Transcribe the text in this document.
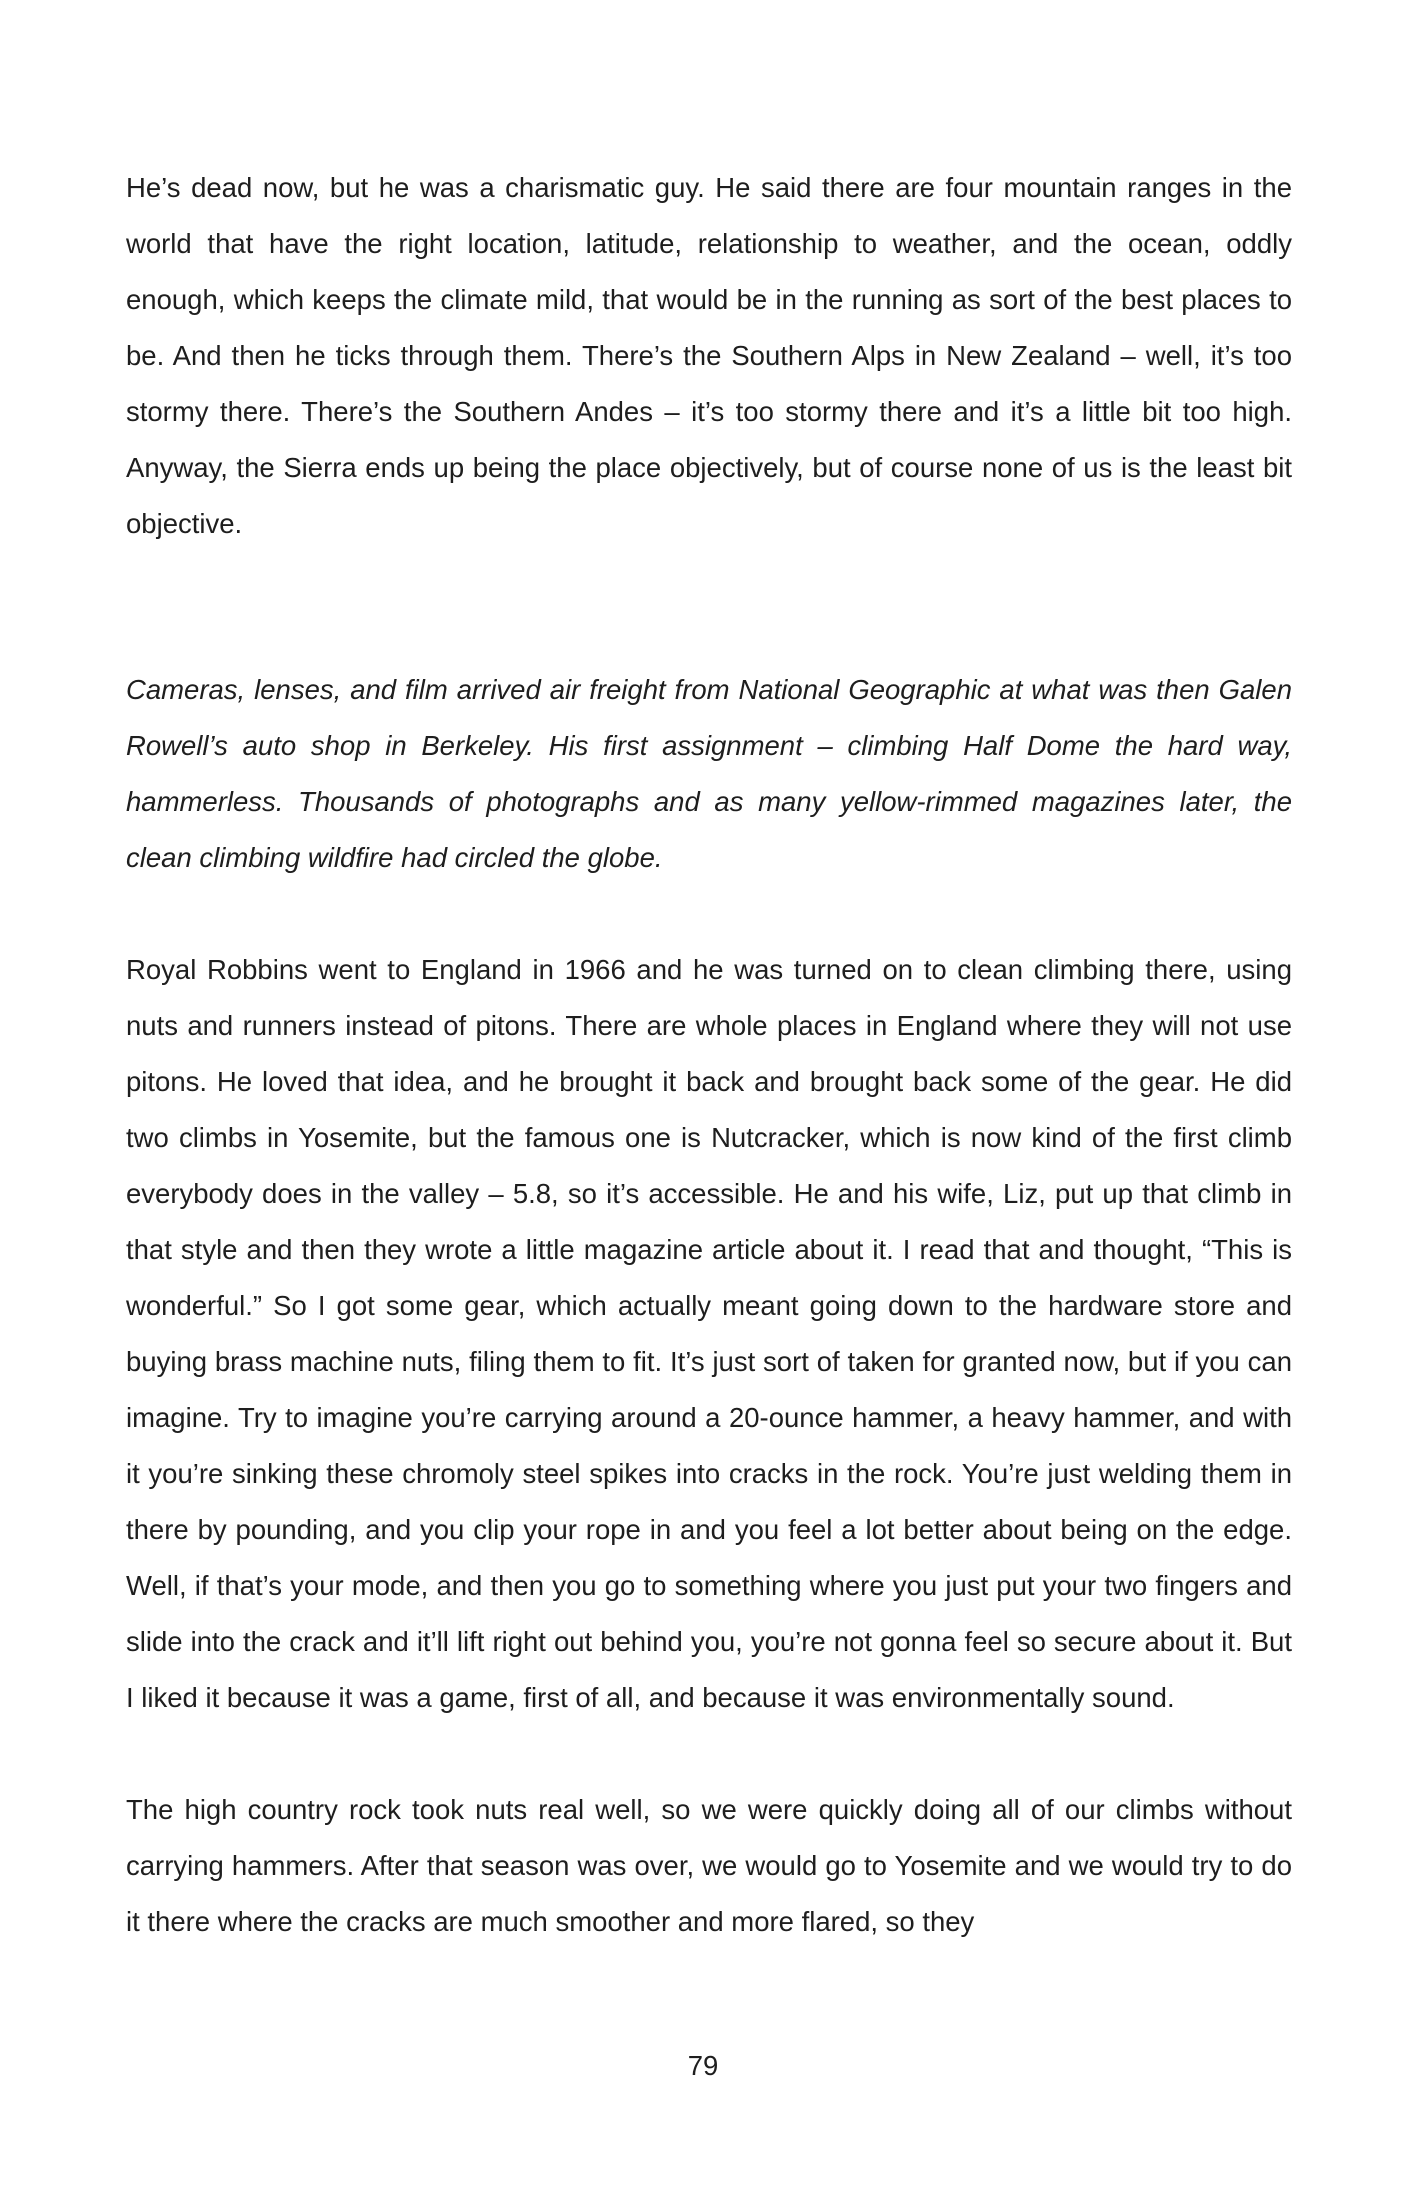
He’s dead now, but he was a charismatic guy. He said there are four mountain ranges in the world that have the right location, latitude, relationship to weather, and the ocean, oddly enough, which keeps the climate mild, that would be in the running as sort of the best places to be. And then he ticks through them. There’s the Southern Alps in New Zealand – well, it’s too stormy there. There’s the Southern Andes – it’s too stormy there and it’s a little bit too high. Anyway, the Sierra ends up being the place objectively, but of course none of us is the least bit objective.

Cameras, lenses, and film arrived air freight from National Geographic at what was then Galen Rowell’s auto shop in Berkeley. His first assignment – climbing Half Dome the hard way, hammerless. Thousands of photographs and as many yellow-rimmed magazines later, the clean climbing wildfire had circled the globe.

Royal Robbins went to England in 1966 and he was turned on to clean climbing there, using nuts and runners instead of pitons. There are whole places in England where they will not use pitons. He loved that idea, and he brought it back and brought back some of the gear. He did two climbs in Yosemite, but the famous one is Nutcracker, which is now kind of the first climb everybody does in the valley – 5.8, so it’s accessible. He and his wife, Liz, put up that climb in that style and then they wrote a little magazine article about it. I read that and thought, “This is wonderful.” So I got some gear, which actually meant going down to the hardware store and buying brass machine nuts, filing them to fit. It’s just sort of taken for granted now, but if you can imagine. Try to imagine you’re carrying around a 20-ounce hammer, a heavy hammer, and with it you’re sinking these chromoly steel spikes into cracks in the rock. You’re just welding them in there by pounding, and you clip your rope in and you feel a lot better about being on the edge. Well, if that’s your mode, and then you go to something where you just put your two fingers and slide into the crack and it’ll lift right out behind you, you’re not gonna feel so secure about it. But I liked it because it was a game, first of all, and because it was environmentally sound.

The high country rock took nuts real well, so we were quickly doing all of our climbs without carrying hammers. After that season was over, we would go to Yosemite and we would try to do it there where the cracks are much smoother and more flared, so they

79
